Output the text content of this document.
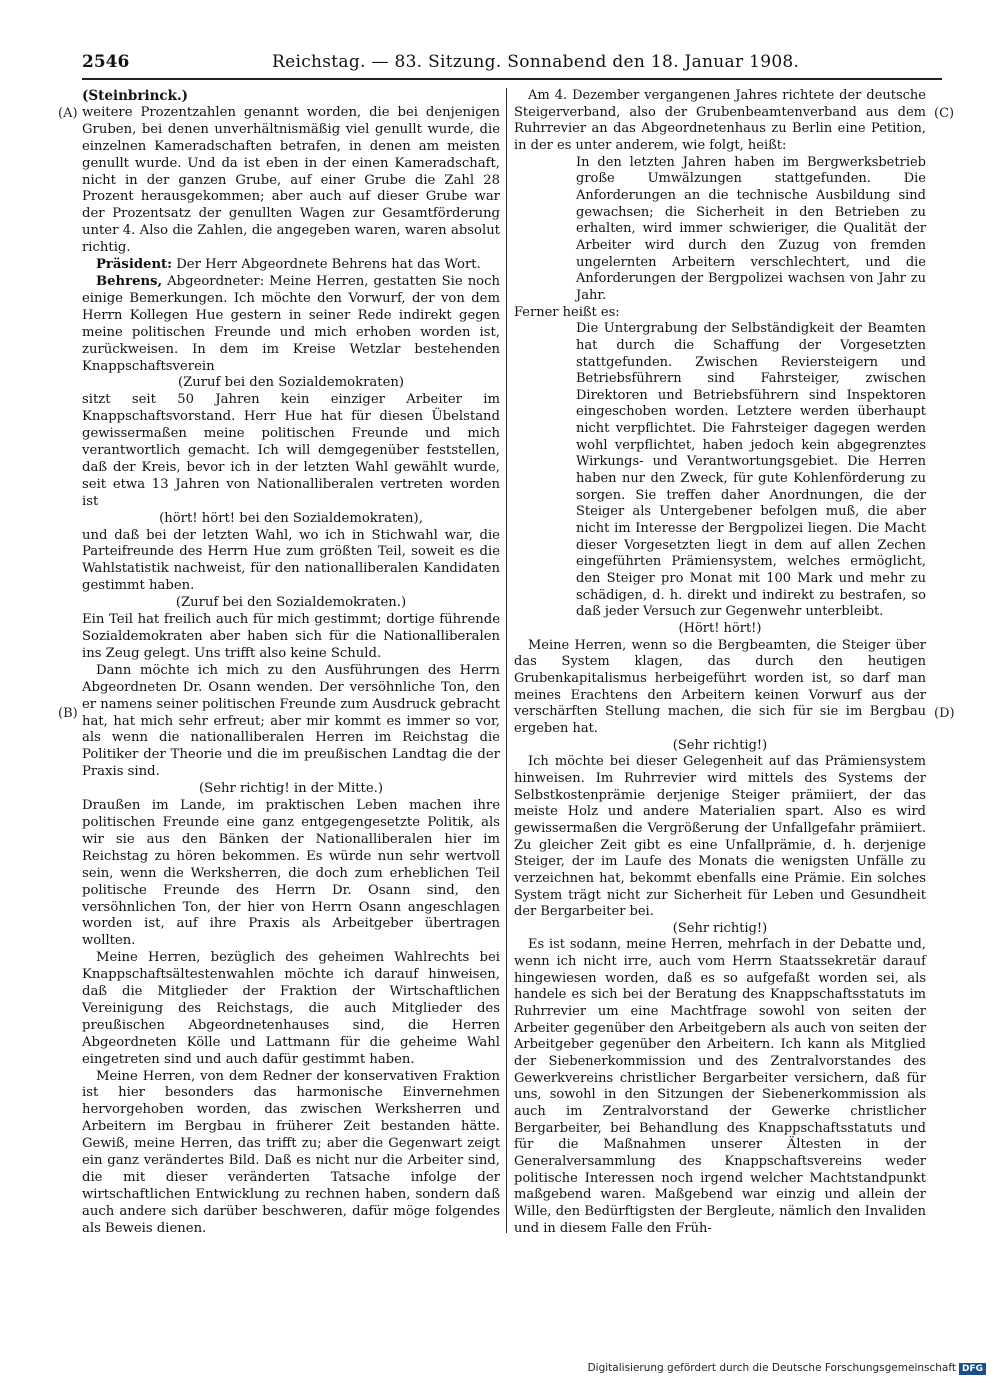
2546	Reichstag. — 83. Sitzung. Sonnabend den 18. Januar 1908.

(Steinbrinck.)

weitere Prozentzahlen genannt worden, die bei denjenigen Gruben, bei denen unverhältnismäßig viel genullt wurde, die einzelnen Kameradschaften betrafen, in denen am meisten genullt wurde. Und da ist eben in der einen Kameradschaft, nicht in der ganzen Grube, auf einer Grube die Zahl 28 Prozent herausgekommen; aber auch auf dieser Grube war der Prozentsatz der genullten Wagen zur Gesamtförderung unter 4. Also die Zahlen, die angegeben waren, waren absolut richtig.

Präsident: Der Herr Abgeordnete Behrens hat das Wort.

Behrens, Abgeordneter: Meine Herren, gestatten Sie noch einige Bemerkungen. Ich möchte den Vorwurf, der von dem Herrn Kollegen Hue gestern in seiner Rede indirekt gegen meine politischen Freunde und mich erhoben worden ist, zurückweisen. In dem im Kreise Wetzlar bestehenden Knappschaftsverein

(Zuruf bei den Sozialdemokraten)

sitzt seit 50 Jahren kein einziger Arbeiter im Knappschaftsvorstand. Herr Hue hat für diesen Übelstand gewissermaßen meine politischen Freunde und mich verantwortlich gemacht. Ich will demgegenüber feststellen, daß der Kreis, bevor ich in der letzten Wahl gewählt wurde, seit etwa 13 Jahren von Nationalliberalen vertreten worden ist

(hört! hört! bei den Sozialdemokraten),

und daß bei der letzten Wahl, wo ich in Stichwahl war, die Parteifreunde des Herrn Hue zum größten Teil, soweit es die Wahlstatistik nachweist, für den nationalliberalen Kandidaten gestimmt haben.

(Zuruf bei den Sozialdemokraten.)

Ein Teil hat freilich auch für mich gestimmt; dortige führende Sozialdemokraten aber haben sich für die Nationalliberalen ins Zeug gelegt. Uns trifft also keine Schuld.

Dann möchte ich mich zu den Ausführungen des Herrn Abgeordneten Dr. Osann wenden. Der versöhnliche Ton, den er namens seiner politischen Freunde zum Ausdruck gebracht hat, hat mich sehr erfreut; aber mir kommt es immer so vor, als wenn die nationalliberalen Herren im Reichstag die Politiker der Theorie und die im preußischen Landtag die der Praxis sind.

(Sehr richtig! in der Mitte.)

Draußen im Lande, im praktischen Leben machen ihre politischen Freunde eine ganz entgegengesetzte Politik, als wir sie aus den Bänken der Nationalliberalen hier im Reichstag zu hören bekommen. Es würde nun sehr wertvoll sein, wenn die Werksherren, die doch zum erheblichen Teil politische Freunde des Herrn Dr. Osann sind, den versöhnlichen Ton, der hier von Herrn Osann angeschlagen worden ist, auf ihre Praxis als Arbeitgeber übertragen wollten.

Meine Herren, bezüglich des geheimen Wahlrechts bei Knappschaftsältestenwahlen möchte ich darauf hinweisen, daß die Mitglieder der Fraktion der Wirtschaftlichen Vereinigung des Reichstags, die auch Mitglieder des preußischen Abgeordnetenhauses sind, die Herren Abgeordneten Kölle und Lattmann für die geheime Wahl eingetreten sind und auch dafür gestimmt haben.

Meine Herren, von dem Redner der konservativen Fraktion ist hier besonders das harmonische Einvernehmen hervorgehoben worden, das zwischen Werksherren und Arbeitern im Bergbau in früherer Zeit bestanden hätte. Gewiß, meine Herren, das trifft zu; aber die Gegenwart zeigt ein ganz verändertes Bild. Daß es nicht nur die Arbeiter sind, die mit dieser veränderten Tatsache infolge der wirtschaftlichen Entwicklung zu rechnen haben, sondern daß auch andere sich darüber beschweren, dafür möge folgendes als Beweis dienen.

Am 4. Dezember vergangenen Jahres richtete der deutsche Steigerverband, also der Grubenbeamtenverband aus dem Ruhrrevier an das Abgeordnetenhaus zu Berlin eine Petition, in der es unter anderem, wie folgt, heißt:

In den letzten Jahren haben im Bergwerksbetrieb große Umwälzungen stattgefunden. Die Anforderungen an die technische Ausbildung sind gewachsen; die Sicherheit in den Betrieben zu erhalten, wird immer schwieriger, die Qualität der Arbeiter wird durch den Zuzug von fremden ungelernten Arbeitern verschlechtert, und die Anforderungen der Bergpolizei wachsen von Jahr zu Jahr.

Ferner heißt es:

Die Untergrabung der Selbständigkeit der Beamten hat durch die Schaffung der Vorgesetzten stattgefunden. Zwischen Reviersteigern und Betriebsführern sind Fahrsteiger, zwischen Direktoren und Betriebsführern sind Inspektoren eingeschoben worden. Letztere werden überhaupt nicht verpflichtet. Die Fahrsteiger dagegen werden wohl verpflichtet, haben jedoch kein abgegrenztes Wirkungs- und Verantwortungsgebiet. Die Herren haben nur den Zweck, für gute Kohlenförderung zu sorgen. Sie treffen daher Anordnungen, die der Steiger als Untergebener befolgen muß, die aber nicht im Interesse der Bergpolizei liegen. Die Macht dieser Vorgesetzten liegt in dem auf allen Zechen eingeführten Prämiensystem, welches ermöglicht, den Steiger pro Monat mit 100 Mark und mehr zu schädigen, d. h. direkt und indirekt zu bestrafen, so daß jeder Versuch zur Gegenwehr unterbleibt.

(Hört! hört!)

Meine Herren, wenn so die Bergbeamten, die Steiger über das System klagen, das durch den heutigen Grubenkapitalismus herbeigeführt worden ist, so darf man meines Erachtens den Arbeitern keinen Vorwurf aus der verschärften Stellung machen, die sich für sie im Bergbau ergeben hat.

(Sehr richtig!)

Ich möchte bei dieser Gelegenheit auf das Prämiensystem hinweisen. Im Ruhrrevier wird mittels des Systems der Selbstkostenprämie derjenige Steiger prämiiert, der das meiste Holz und andere Materialien spart. Also es wird gewissermaßen die Vergrößerung der Unfallgefahr prämiiert. Zu gleicher Zeit gibt es eine Unfallprämie, d. h. derjenige Steiger, der im Laufe des Monats die wenigsten Unfälle zu verzeichnen hat, bekommt ebenfalls eine Prämie. Ein solches System trägt nicht zur Sicherheit für Leben und Gesundheit der Bergarbeiter bei.

(Sehr richtig!)

Es ist sodann, meine Herren, mehrfach in der Debatte und, wenn ich nicht irre, auch vom Herrn Staatssekretär darauf hingewiesen worden, daß es so aufgefaßt worden sei, als handele es sich bei der Beratung des Knappschaftsstatuts im Ruhrrevier um eine Machtfrage sowohl von seiten der Arbeiter gegenüber den Arbeitgebern als auch von seiten der Arbeitgeber gegenüber den Arbeitern. Ich kann als Mitglied der Siebenerkommission und des Zentralvorstandes des Gewerkvereins christlicher Bergarbeiter versichern, daß für uns, sowohl in den Sitzungen der Siebenerkommission als auch im Zentralvorstand der Gewerke christlicher Bergarbeiter, bei Behandlung des Knappschaftsstatuts und für die Maßnahmen unserer Ältesten in der Generalversammlung des Knappschaftsvereins weder politische Interessen noch irgend welcher Machtstandpunkt maßgebend waren. Maßgebend war einzig und allein der Wille, den Bedürftigsten der Bergleute, nämlich den Invaliden und in diesem Falle den Früh-

(A)
(B)
(C)
(D)
Digitalisierung gefördert durch die Deutsche Forschungsgemeinschaft DFG
